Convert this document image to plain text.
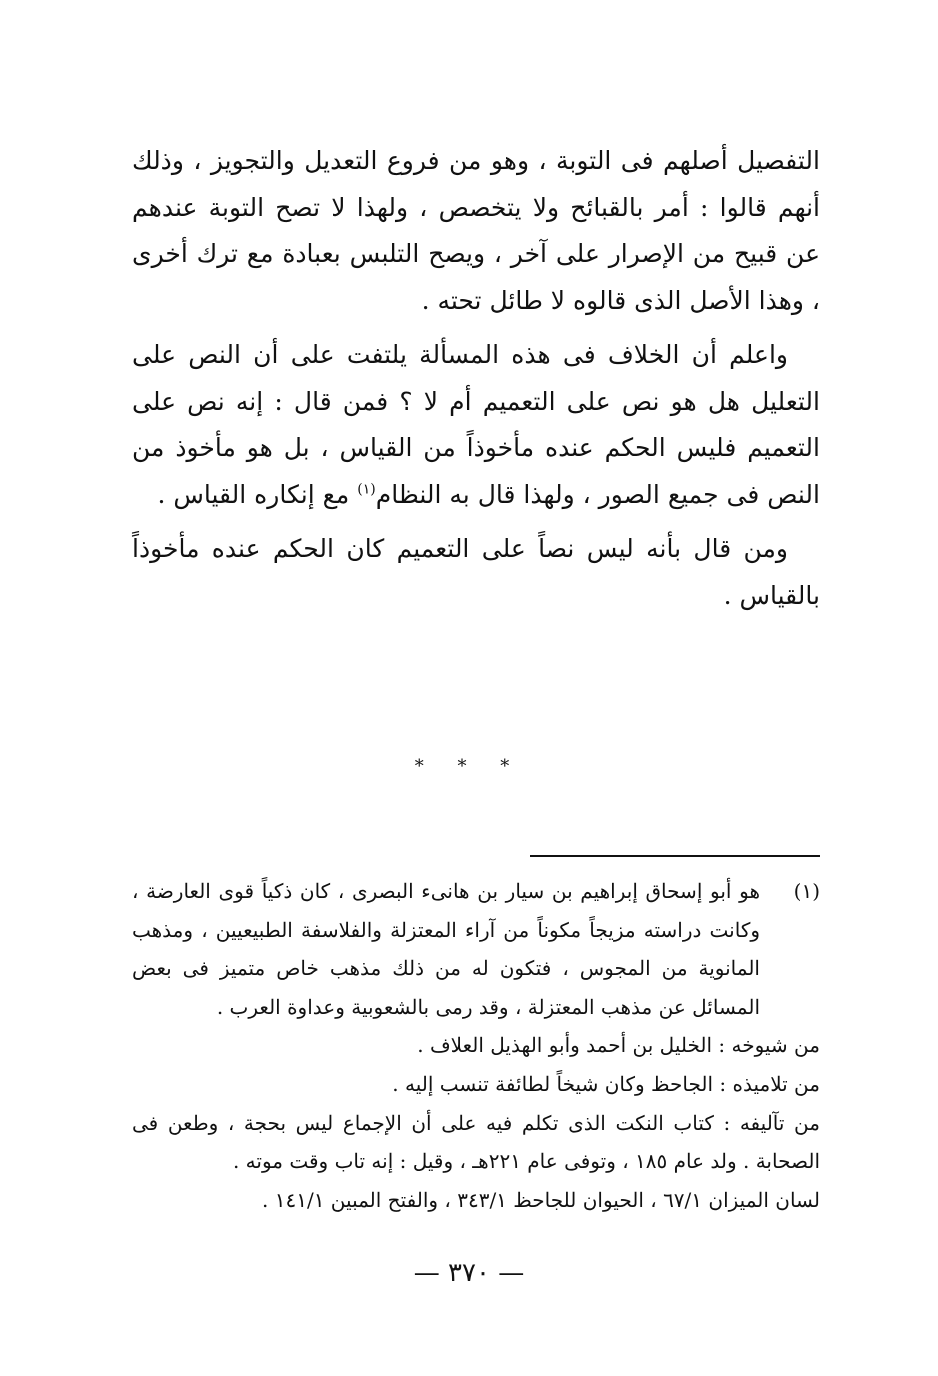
التفصيل أصلهم فى التوبة ، وهو من فروع التعديل والتجويز ، وذلك أنهم قالوا : أمر بالقبائح ولا يتخصص ، ولهذا لا تصح التوبة عندهم عن قبيح من الإصرار على آخر ، ويصح التلبس بعبادة مع ترك أخرى ، وهذا الأصل الذى قالوه لا طائل تحته .

واعلم أن الخلاف فى هذه المسألة يلتفت على أن النص على التعليل هل هو نص على التعميم أم لا ؟ فمن قال : إنه نص على التعميم فليس الحكم عنده مأخوذاً من القياس ، بل هو مأخوذ من النص فى جميع الصور ، ولهذا قال به النظام$^{(١)}$ مع إنكاره القياس .

ومن قال بأنه ليس نصاً على التعميم كان الحكم عنده مأخوذاً بالقياس .

* * *
(١)

هو أبو إسحاق إبراهيم بن سيار بن هانىء البصرى ، كان ذكياً قوى العارضة ، وكانت دراسته مزيجاً مكوناً من آراء المعتزلة والفلاسفة الطبيعيين ، ومذهب المانوية من المجوس ، فتكون له من ذلك مذهب خاص متميز فى بعض المسائل عن مذهب المعتزلة ، وقد رمى بالشعوبية وعداوة العرب .

من شيوخه : الخليل بن أحمد وأبو الهذيل العلاف .

من تلاميذه : الجاحظ وكان شيخاً لطائفة تنسب إليه .

من تآليفه : كتاب النكت الذى تكلم فيه على أن الإجماع ليس بحجة ، وطعن فى الصحابة . ولد عام ١٨٥ ، وتوفى عام ٢٢١هـ ، وقيل : إنه تاب وقت موته .

لسان الميزان ٦٧/١ ، الحيوان للجاحظ ٣٤٣/١ ، والفتح المبين ١٤١/١ .

— ٣٧٠ —
